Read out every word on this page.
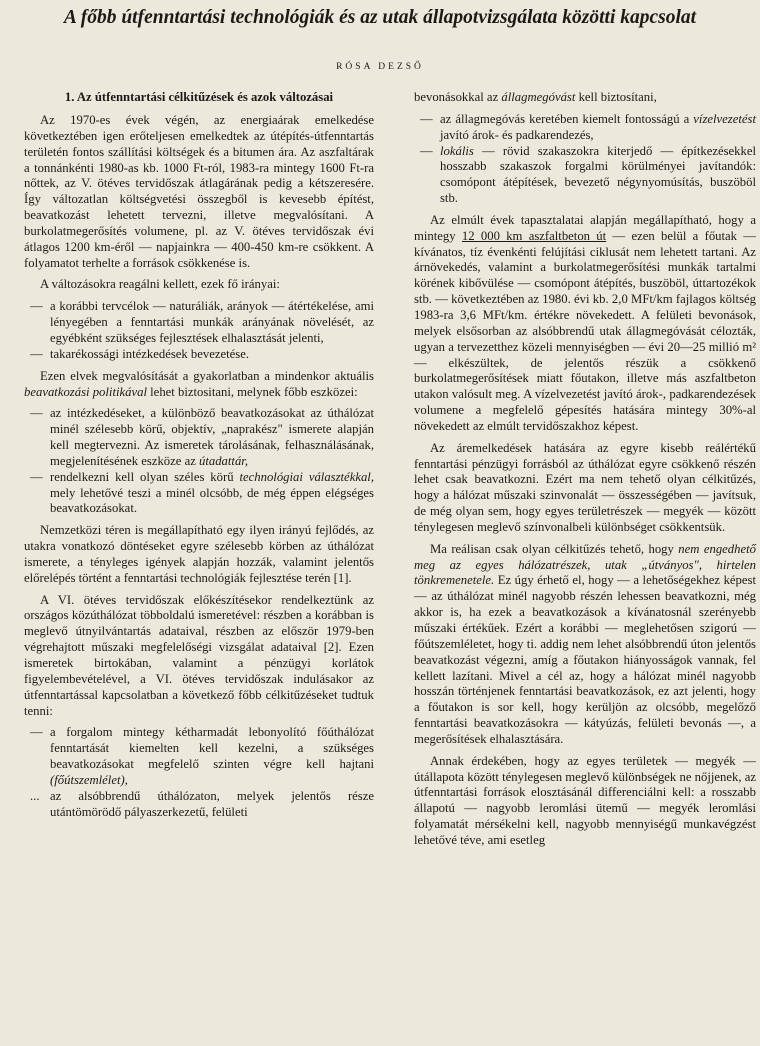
A főbb útfenntartási technológiák és az utak állapotvizsgálata közötti kapcsolat
RÓSA DEZSŐ
1. Az útfenntartási célkitűzések és azok változásai

Az 1970-es évek végén, az energiaárak emelkedése következtében igen erőteljesen emelkedtek az útépítés-útfenntartás területén fontos szállítási költségek és a bitumen ára. Az aszfaltárak a tonnánkénti 1980-as kb. 1000 Ft-ról, 1983-ra mintegy 1600 Ft-ra nőttek, az V. ötéves tervidőszak átlagárának pedig a kétszeresére. Így változatlan költségvetési összegből is kevesebb építést, beavatkozást lehetett tervezni, illetve megvalósítani. A burkolatmegerősítés volumene, pl. az V. ötéves tervidőszak évi átlagos 1200 km-éről — napjainkra — 400-450 km-re csökkent. A folyamatot terhelte a források csökkenése is.

A változásokra reagálni kellett, ezek fő irányai:

— a korábbi tervcélok — naturáliák, arányok — átértékelése, ami lényegében a fenntartási munkák arányának növelését, az egyébként szükséges fejlesztések elhalasztását jelenti,
— takarékossági intézkedések bevezetése.

Ezen elvek megvalósítását a gyakorlatban a mindenkor aktuális beavatkozási politikával lehet biztositani, melynek főbb eszközei:

— az intézkedéseket, a különböző beavatkozásokat az úthálózat minél szélesebb körű, objektív, „naprakész" ismerete alapján kell megtervezni. Az ismeretek tárolásának, felhasználásának, megjelenítésének eszköze az útadattár,
— rendelkezni kell olyan széles körű technológiai választékkal, mely lehetővé teszi a minél olcsóbb, de még éppen elégséges beavatkozásokat.

Nemzetközi téren is megállapítható egy ilyen irányú fejlődés, az utakra vonatkozó döntéseket egyre szélesebb körben az úthálózat ismerete, a tényleges igények alapján hozzák, valamint jelentős előrelépés történt a fenntartási technológiák fejlesztése terén [1].

A VI. ötéves tervidőszak előkészítésekor rendelkeztünk az országos közúthálózat többoldalú ismeretével: részben a korábban is meglevő útnyilvántartás adataival, részben az először 1979-ben végrehajtott műszaki megfelelőségi vizsgálat adataival [2]. Ezen ismeretek birtokában, valamint a pénzügyi korlátok figyelembevételével, a VI. ötéves tervidőszak indulásakor az útfenntartással kapcsolatban a következő főbb célkitűzéseket tudtuk tenni:

— a forgalom mintegy kétharmadát lebonyolító főúthálózat fenntartását kiemelten kell kezelni, a szükséges beavatkozásokat megfelelő szinten végre kell hajtani (főútszemlélet),
... az alsóbbrendű úthálózaton, melyek jelentős része utántömörödő pályaszerkezetű, felületi

bevonásokkal az állagmegóvást kell biztosítani,

— az állagmegóvás keretében kiemelt fontosságú a vízelvezetést javító árok- és padkarendezés,
— lokális — rövid szakaszokra kiterjedő — építkezésekkel hosszabb szakaszok forgalmi körülményei javítandók: csomópont átépítések, bevezető négynyomúsítás, buszöböl stb.

Az elmúlt évek tapasztalatai alapján megállapítható, hogy a mintegy 12 000 km aszfaltbeton út — ezen belül a főutak — kívánatos, tíz évenkénti felújítási ciklusát nem lehetett tartani. Az árnövekedés, valamint a burkolatmegerősítési munkák tartalmi körének kibővülése — csomópont átépítés, buszöböl, úttartozékok stb. — következtében az 1980. évi kb. 2,0 MFt/km fajlagos költség 1983-ra 3,6 MFt/km. értékre növekedett. A felületi bevonások, melyek elsősorban az alsóbbrendű utak állagmegóvását célozták, ugyan a tervezetthez közeli mennyiségben — évi 20—25 millió m² — elkészültek, de jelentős részük a csökkenő burkolatmegerősítések miatt főutakon, illetve más aszfaltbeton utakon valósult meg. A vízelvezetést javító árok-, padkarendezések volumene a megfelelő gépesítés hatására mintegy 30%-al növekedett az elmúlt tervidőszakhoz képest.

Az áremelkedések hatására az egyre kisebb reálértékű fenntartási pénzügyi forrásból az úthálózat egyre csökkenő részén lehet csak beavatkozni. Ezért ma nem tehető olyan célkitűzés, hogy a hálózat műszaki szinvonalát — összességében — javítsuk, de még olyan sem, hogy egyes területrészek — megyék — között ténylegesen meglevő színvonalbeli különbséget csökkentsük.

Ma reálisan csak olyan célkitűzés tehető, hogy nem engedhető meg az egyes hálózatrészek, utak „útványos", hirtelen tönkremenetele. Ez úgy érhető el, hogy — a lehetőségekhez képest — az úthálózat minél nagyobb részén lehessen beavatkozni, még akkor is, ha ezek a beavatkozások a kívánatosnál szerényebb műszaki értékűek. Ezért a korábbi — meglehetősen szigorú — főútszemléletet, hogy ti. addig nem lehet alsóbbrendű úton jelentős beavatkozást végezni, amíg a főutakon hiányosságok vannak, fel kellett lazítani. Mivel a cél az, hogy a hálózat minél nagyobb hosszán történjenek fenntartási beavatkozások, ez azt jelenti, hogy a főutakon is sor kell, hogy kerüljön az olcsóbb, megelőző fenntartási beavatkozásokra — kátyúzás, felületi bevonás —, a megerősítések elhalasztására.

Annak érdekében, hogy az egyes területek — megyék — útállapota között ténylegesen meglevő különbségek ne nőjjenek, az útfenntartási források elosztásánál differenciálni kell: a rosszabb állapotú — nagyobb leromlási ütemű — megyék leromlási folyamatát mérsékelni kell, nagyobb mennyiségű munkavégzést lehetővé téve, ami esetleg
